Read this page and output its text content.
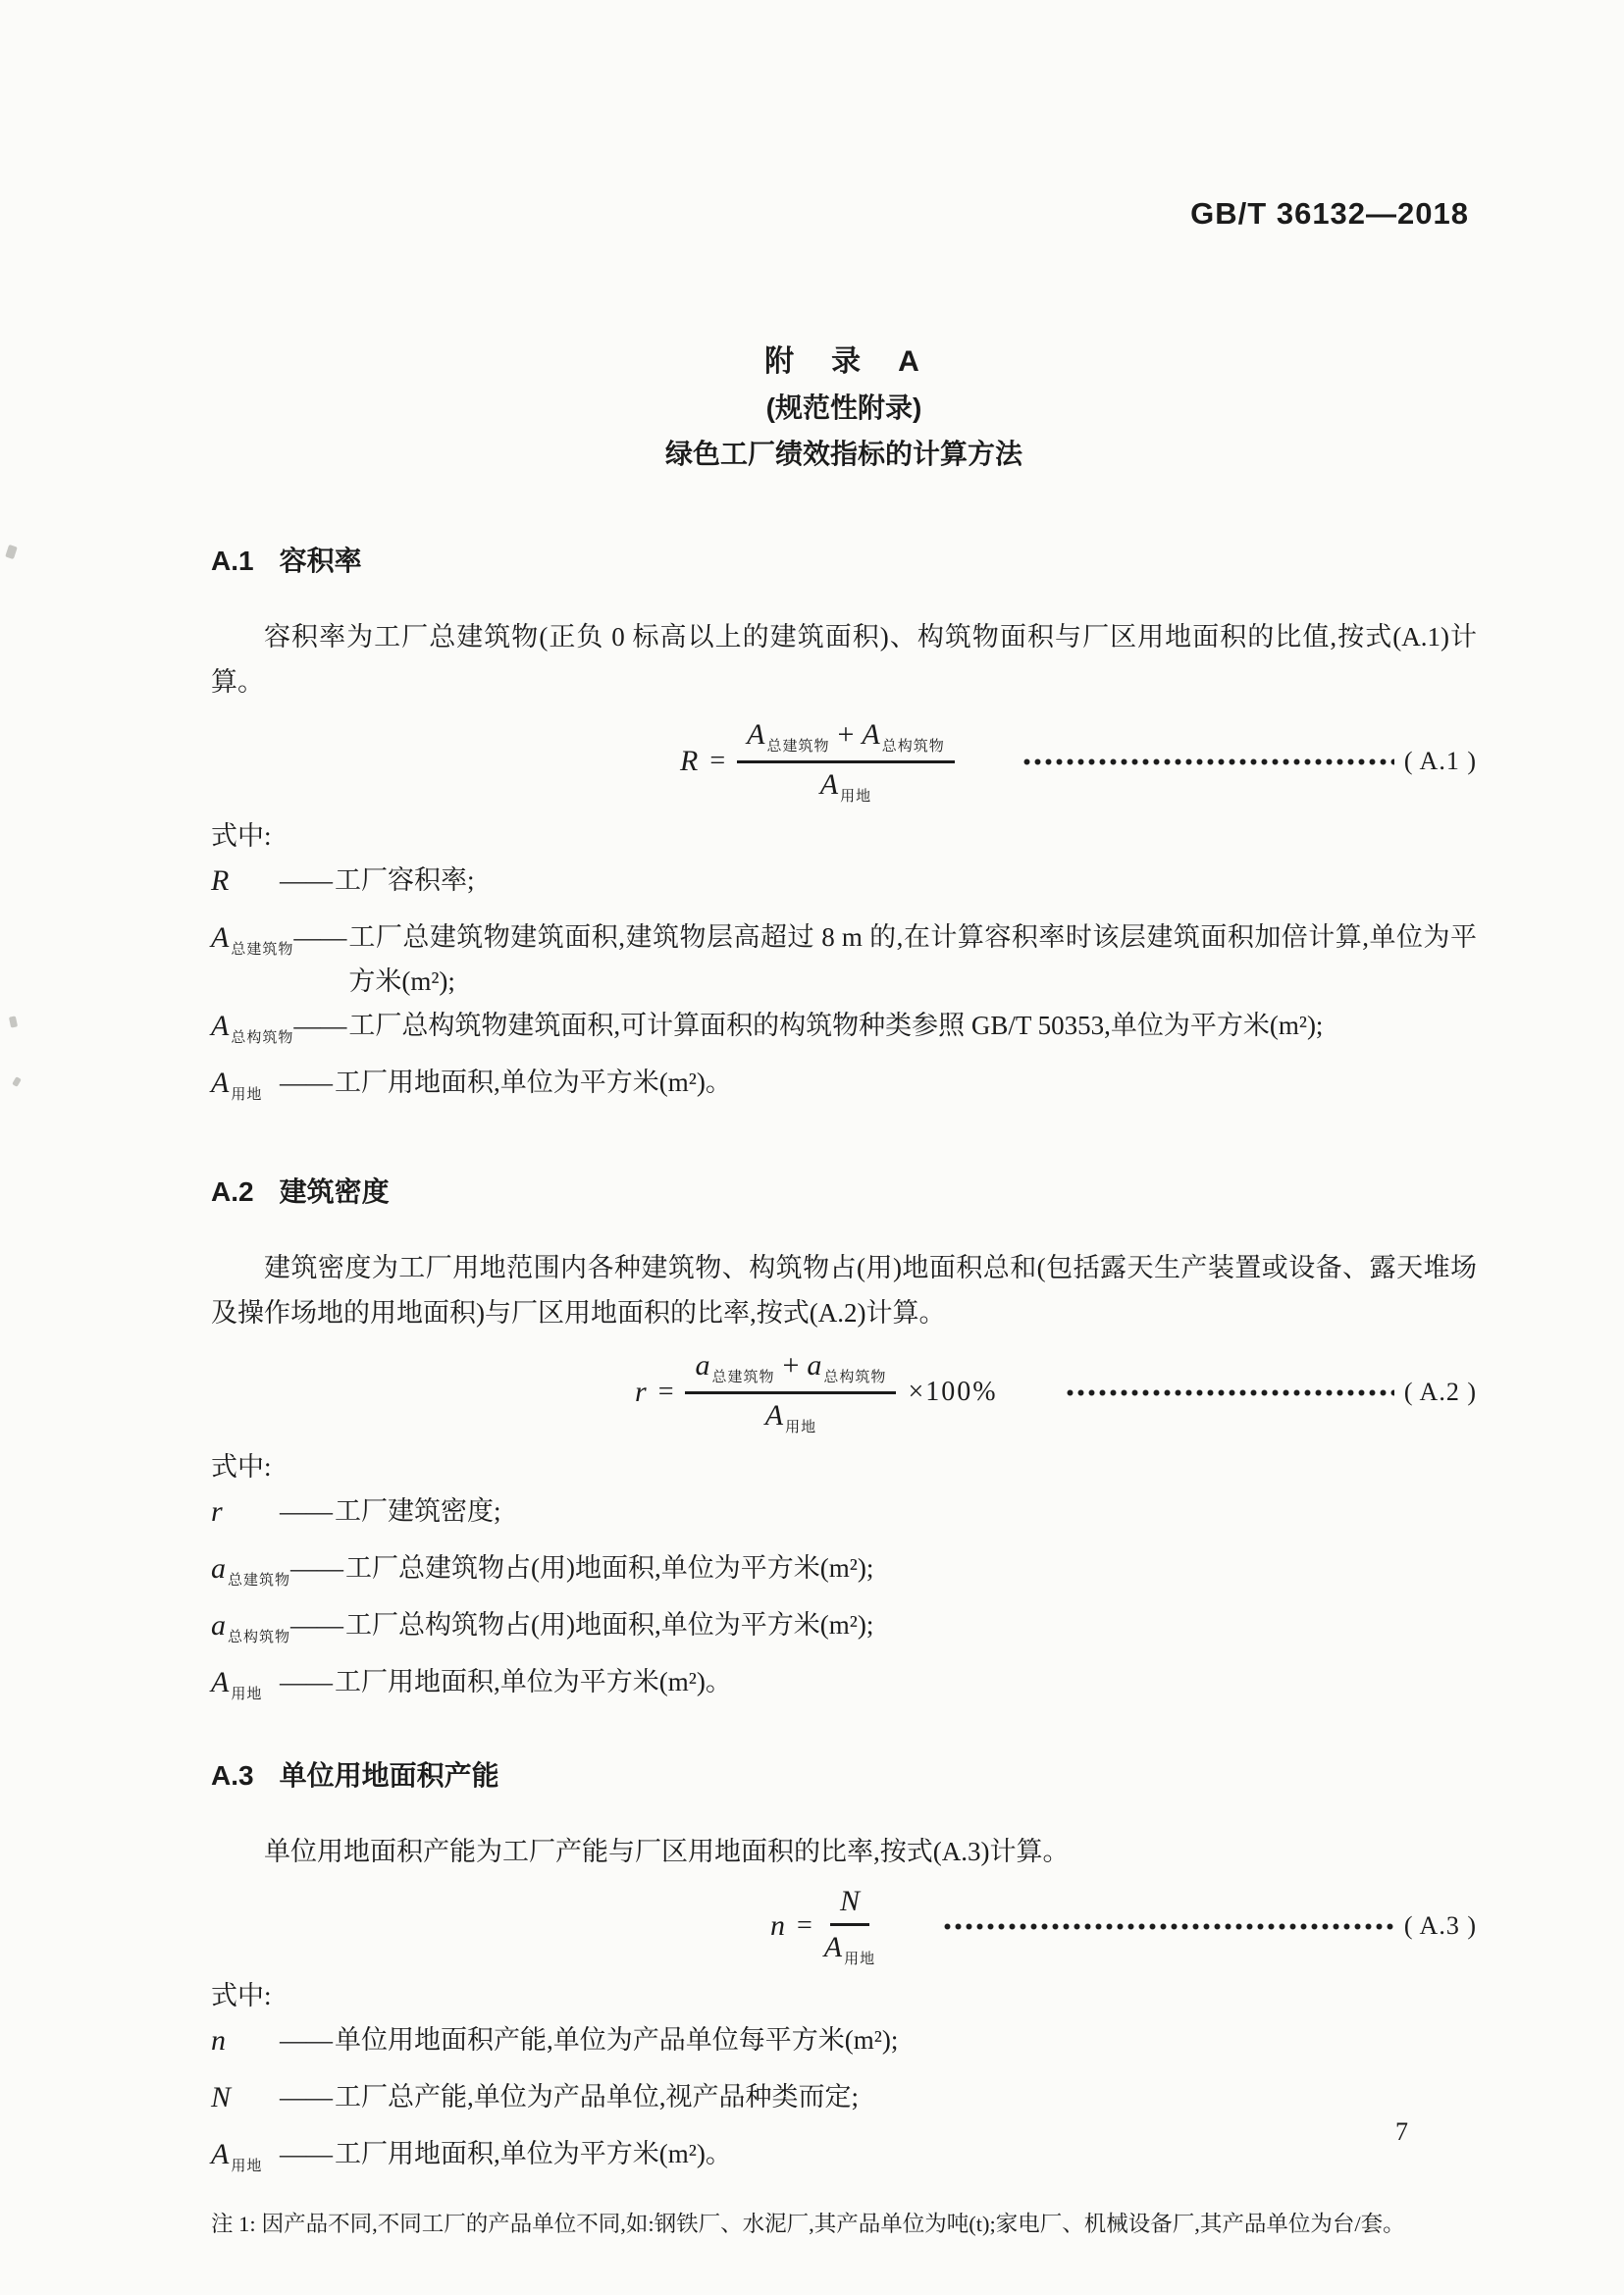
GB/T 36132—2018
附　录　A
(规范性附录)
绿色工厂绩效指标的计算方法
A.1 容积率
容积率为工厂总建筑物(正负 0 标高以上的建筑面积)、构筑物面积与厂区用地面积的比值,按式(A.1)计算。
$R = \frac{A _{总建筑物} + A _{总构筑物}}{A _{用地}}$	( A.1 )
式中:
R	—— 工厂容积率;
A $_{总建筑物}$ —— 工厂总建筑物建筑面积,建筑物层高超过 8 m 的,在计算容积率时该层建筑面积加倍计算,单位为平方米(m²);
A $_{总构筑物}$ —— 工厂总构筑物建筑面积,可计算面积的构筑物种类参照 GB/T 50353,单位为平方米(m²);
A $_{用地}$ —— 工厂用地面积,单位为平方米(m²)。
A.2 建筑密度
建筑密度为工厂用地范围内各种建筑物、构筑物占(用)地面积总和(包括露天生产装置或设备、露天堆场及操作场地的用地面积)与厂区用地面积的比率,按式(A.2)计算。
$r = \frac{a _{总建筑物} + a _{总构筑物}}{A _{用地}} \times 100\%$	( A.2 )
式中:
r	—— 工厂建筑密度;
a $_{总建筑物}$ —— 工厂总建筑物占(用)地面积,单位为平方米(m²);
a $_{总构筑物}$ —— 工厂总构筑物占(用)地面积,单位为平方米(m²);
A $_{用地}$ —— 工厂用地面积,单位为平方米(m²)。
A.3 单位用地面积产能
单位用地面积产能为工厂产能与厂区用地面积的比率,按式(A.3)计算。
$n = \frac{N}{A _{用地}}$	( A.3 )
式中:
n	—— 单位用地面积产能,单位为产品单位每平方米(m²);
N	—— 工厂总产能,单位为产品单位,视产品种类而定;
A $_{用地}$ —— 工厂用地面积,单位为平方米(m²)。
注 1: 因产品不同,不同工厂的产品单位不同,如:钢铁厂、水泥厂,其产品单位为吨(t);家电厂、机械设备厂,其产品单位为台/套。
7
